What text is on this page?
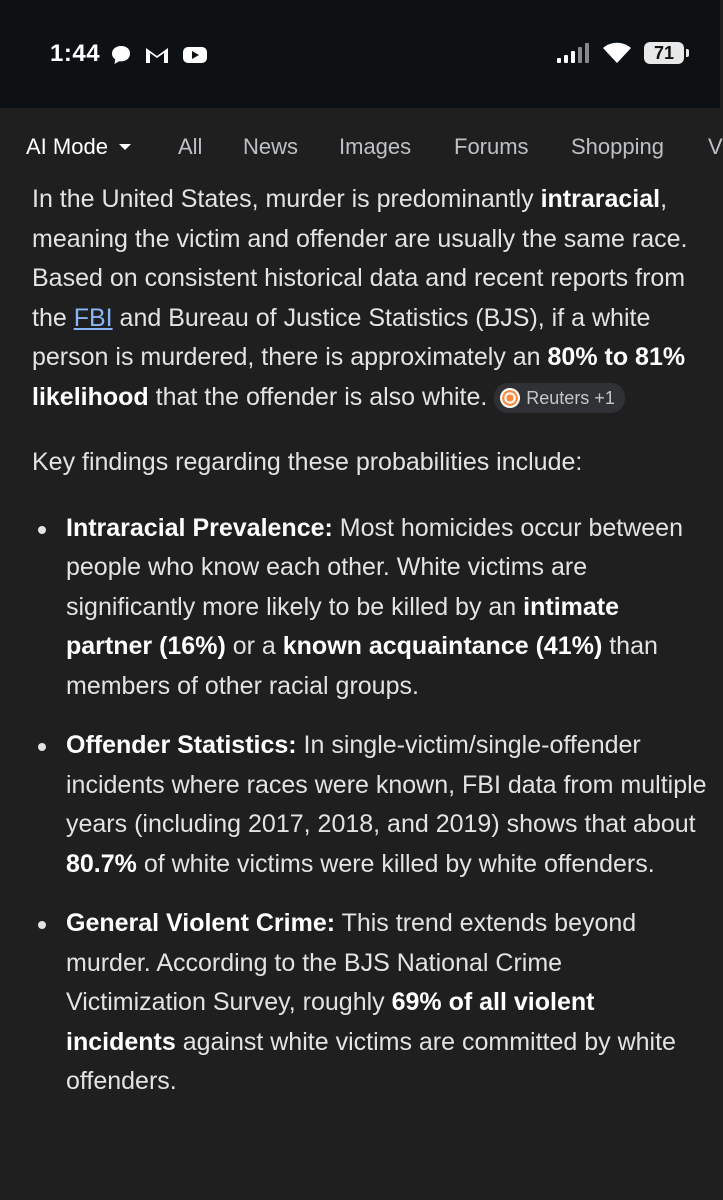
1:44	71
AI Mode	All News Images Forums Shopping V

In the United States, murder is predominantly intraracial, meaning the victim and offender are usually the same race. Based on consistent historical data and recent reports from the FBI and Bureau of Justice Statistics (BJS), if a white person is murdered, there is approximately an 80% to 81% likelihood that the offender is also white. Reuters +1

Key findings regarding these probabilities include:

Intraracial Prevalence: Most homicides occur between people who know each other. White victims are significantly more likely to be killed by an intimate partner (16%) or a known acquaintance (41%) than members of other racial groups.
Offender Statistics: In single-victim/single-offender incidents where races were known, FBI data from multiple years (including 2017, 2018, and 2019) shows that about 80.7% of white victims were killed by white offenders.
General Violent Crime: This trend extends beyond murder. According to the BJS National Crime Victimization Survey, roughly 69% of all violent incidents against white victims are committed by white offenders.
